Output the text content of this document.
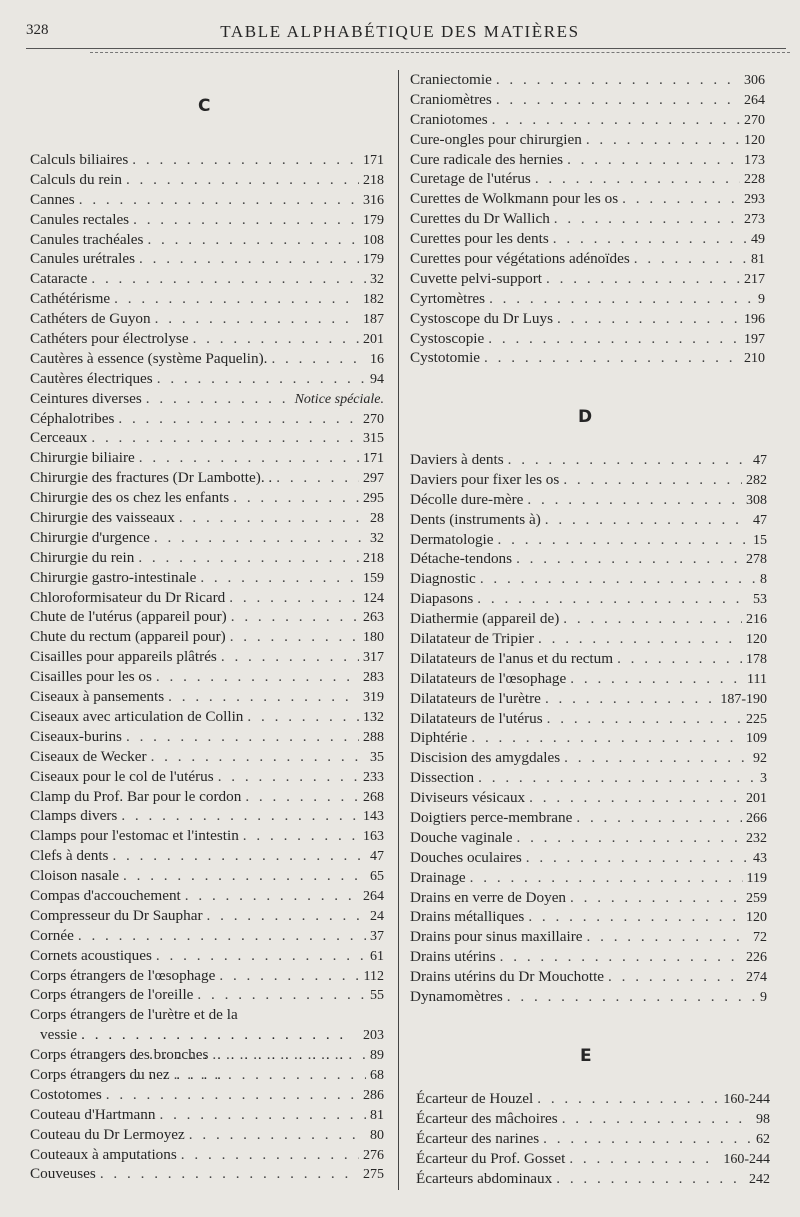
328	TABLE ALPHABÉTIQUE DES MATIÈRES
C
D
E
Calculs biliaires . . .	171
Calculs du rein . . .	218
Cannes . . .	316
Canules rectales . . .	179
Canules trachéales . . .	108
Canules urétrales . . .	179
Cataracte . . .	32
Cathétérisme . . .	182
Cathéters de Guyon . . .	187
Cathéters pour électrolyse . . .	201
Cautères à essence (système Paquelin). . . .	16
Cautères électriques . . .	94
Ceintures diverses . . .	Notice spéciale.
Céphalotribes . . .	270
Cerceaux . . .	315
Chirurgie biliaire . . .	171
Chirurgie des fractures (Dr Lambotte). . . . .	297
Chirurgie des os chez les enfants . . .	295
Chirurgie des vaisseaux . . .	28
Chirurgie d'urgence . . .	32
Chirurgie du rein . . .	218
Chirurgie gastro-intestinale . . .	159
Chloroformisateur du Dr Ricard . . .	124
Chute de l'utérus (appareil pour) . . .	263
Chute du rectum (appareil pour) . . .	180
Cisailles pour appareils plâtrés . . .	317
Cisailles pour les os . . .	283
Ciseaux à pansements . . .	319
Ciseaux avec articulation de Collin . . .	132
Ciseaux-burins . . .	288
Ciseaux de Wecker . . .	35
Ciseaux pour le col de l'utérus . . .	233
Clamp du Prof. Bar pour le cordon . . .	268
Clamps divers . . .	143
Clamps pour l'estomac et l'intestin . . .	163
Clefs à dents . . .	47
Cloison nasale . . .	65
Compas d'accouchement . . .	264
Compresseur du Dr Sauphar . . .	24
Cornée . . .	37
Cornets acoustiques . . .	61
Corps étrangers de l'œsophage . . .	112
Corps étrangers de l'oreille . . .	55
Corps étrangers de l'urètre et de la
vessie . . .	203
Corps étrangers des bronches . . .	89
Corps étrangers du nez . . .	68
Costotomes . . .	286
Couteau d'Hartmann . . .	81
Couteau du Dr Lermoyez . . .	80
Couteaux à amputations . . .	276
Couveuses . . .	275
Craniectomie . . .	306
Craniomètres . . .	264
Craniotomes . . .	270
Cure-ongles pour chirurgien . . .	120
Cure radicale des hernies . . .	173
Curetage de l'utérus . . .	228
Curettes de Wolkmann pour les os . . .	293
Curettes du Dr Wallich . . .	273
Curettes pour les dents . . .	49
Curettes pour végétations adénoïdes . . .	81
Cuvette pelvi-support . . .	217
Cyrtomètres . . .	9
Cystoscope du Dr Luys . . .	196
Cystoscopie . . .	197
Cystotomie . . .	210
Daviers à dents . . .	47
Daviers pour fixer les os . . .	282
Décolle dure-mère . . .	308
Dents (instruments à) . . .	47
Dermatologie . . .	15
Détache-tendons . . .	278
Diagnostic . . .	8
Diapasons . . .	53
Diathermie (appareil de) . . .	216
Dilatateur de Tripier . . .	120
Dilatateurs de l'anus et du rectum . . .	178
Dilatateurs de l'œsophage . . .	111
Dilatateurs de l'urètre . . .	187-190
Dilatateurs de l'utérus . . .	225
Diphtérie . . .	109
Discision des amygdales . . .	92
Dissection . . .	3
Diviseurs vésicaux . . .	201
Doigtiers perce-membrane . . .	266
Douche vaginale . . .	232
Douches oculaires . . .	43
Drainage . . .	119
Drains en verre de Doyen . . .	259
Drains métalliques . . .	120
Drains pour sinus maxillaire . . .	72
Drains utérins . . .	226
Drains utérins du Dr Mouchotte . . .	274
Dynamomètres . . .	9
Écarteur de Houzel . . .	160-244
Écarteur des mâchoires . . .	98
Écarteur des narines . . .	62
Écarteur du Prof. Gosset . . .	160-244
Écarteurs abdominaux . . .	242
